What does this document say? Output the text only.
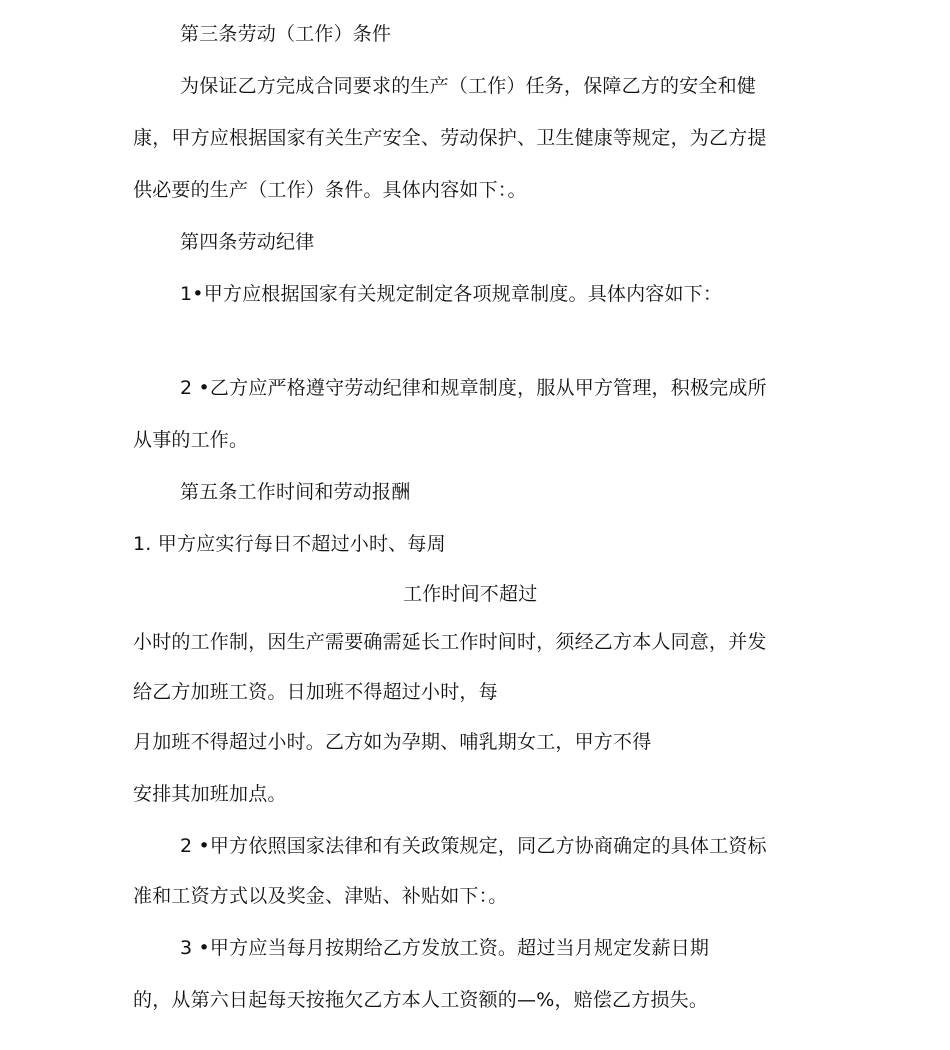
第三条劳动（工作）条件
为保证乙方完成合同要求的生产（工作）任务，保障乙方的安全和健
康，甲方应根据国家有关生产安全、劳动保护、卫生健康等规定，为乙方提
供必要的生产（工作）条件。具体内容如下：。
第四条劳动纪律
1•甲方应根据国家有关规定制定各项规章制度。具体内容如下：
2 •乙方应严格遵守劳动纪律和规章制度，服从甲方管理，积极完成所
从事的工作。
第五条工作时间和劳动报酬
1. 甲方应实行每日不超过小时、每周
工作时间不超过
小时的工作制，因生产需要确需延长工作时间时，须经乙方本人同意，并发
给乙方加班工资。日加班不得超过小时，每
月加班不得超过小时。乙方如为孕期、哺乳期女工，甲方不得
安排其加班加点。
2 •甲方依照国家法律和有关政策规定，同乙方协商确定的具体工资标
准和工资方式以及奖金、津贴、补贴如下：。
3 •甲方应当每月按期给乙方发放工资。超过当月规定发薪日期
的，从第六日起每天按拖欠乙方本人工资额的—%，赔偿乙方损失。
